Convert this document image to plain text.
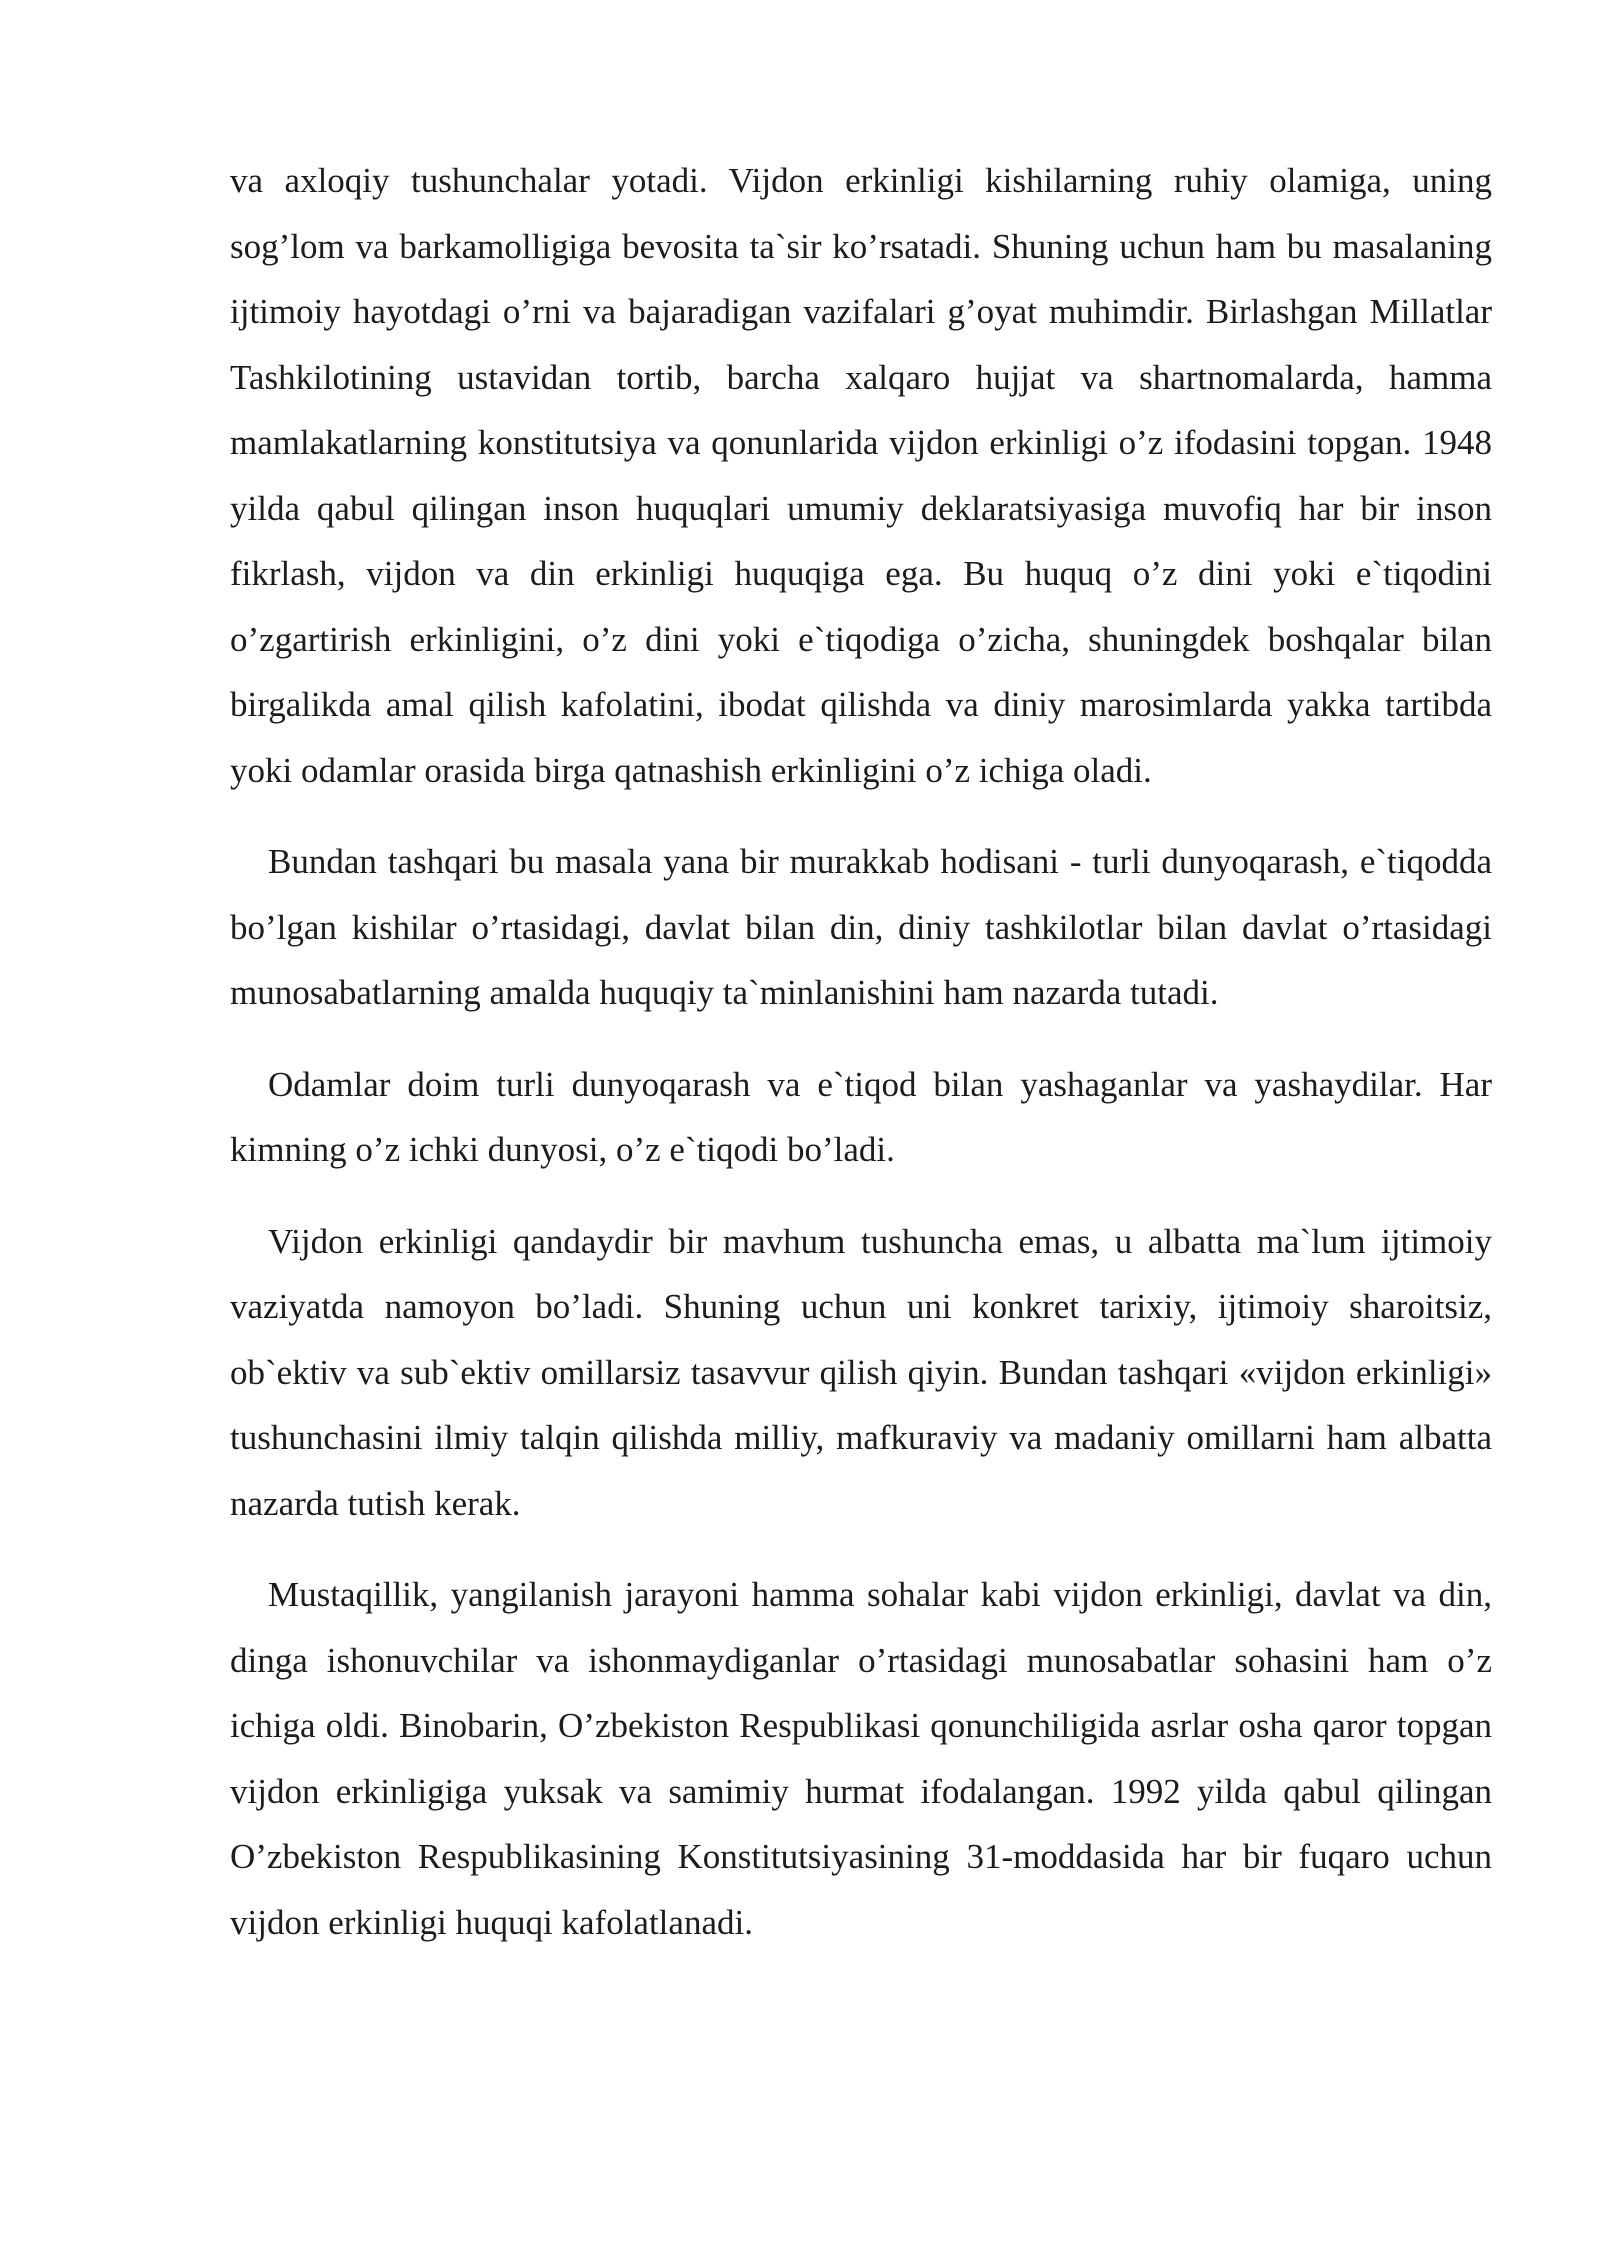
va axloqiy tushunchalar yotadi. Vijdon erkinligi kishilarning ruhiy olamiga, uning sog’lom va barkamolligiga bevosita ta`sir ko’rsatadi. Shuning uchun ham bu masalaning ijtimoiy hayotdagi o’rni va bajaradigan vazifalari g’oyat muhimdir. Birlashgan Millatlar Tashkilotining ustavidan tortib, barcha xalqaro hujjat va shartnomalarda, hamma mamlakatlarning konstitutsiya va qonunlarida vijdon erkinligi o’z ifodasini topgan. 1948 yilda qabul qilingan inson huquqlari umumiy deklaratsiyasiga muvofiq har bir inson fikrlash, vijdon va din erkinligi huquqiga ega. Bu huquq o’z dini yoki e`tiqodini o’zgartirish erkinligini, o’z dini yoki e`tiqodiga o’zicha, shuningdek boshqalar bilan birgalikda amal qilish kafolatini, ibodat qilishda va diniy marosimlarda yakka tartibda yoki odamlar orasida birga qatnashish erkinligini o’z ichiga oladi.

Bundan tashqari bu masala yana bir murakkab hodisani - turli dunyoqarash, e`tiqodda bo’lgan kishilar o’rtasidagi, davlat bilan din, diniy tashkilotlar bilan davlat o’rtasidagi munosabatlarning amalda huquqiy ta`minlanishini ham nazarda tutadi.

Odamlar doim turli dunyoqarash va e`tiqod bilan yashaganlar va yashaydilar. Har kimning o’z ichki dunyosi, o’z e`tiqodi bo’ladi.

Vijdon erkinligi qandaydir bir mavhum tushuncha emas, u albatta ma`lum ijtimoiy vaziyatda namoyon bo’ladi. Shuning uchun uni konkret tarixiy, ijtimoiy sharoitsiz, ob`ektiv va sub`ektiv omillarsiz tasavvur qilish qiyin. Bundan tashqari «vijdon erkinligi» tushunchasini ilmiy talqin qilishda milliy, mafkuraviy va madaniy omillarni ham albatta nazarda tutish kerak.

Mustaqillik, yangilanish jarayoni hamma sohalar kabi vijdon erkinligi, davlat va din, dinga ishonuvchilar va ishonmaydiganlar o’rtasidagi munosabatlar sohasini ham o’z ichiga oldi. Binobarin, O’zbekiston Respublikasi qonunchiligida asrlar osha qaror topgan vijdon erkinligiga yuksak va samimiy hurmat ifodalangan. 1992 yilda qabul qilingan O’zbekiston Respublikasining Konstitutsiyasining 31-moddasida har bir fuqaro uchun vijdon erkinligi huquqi kafolatlanadi.
